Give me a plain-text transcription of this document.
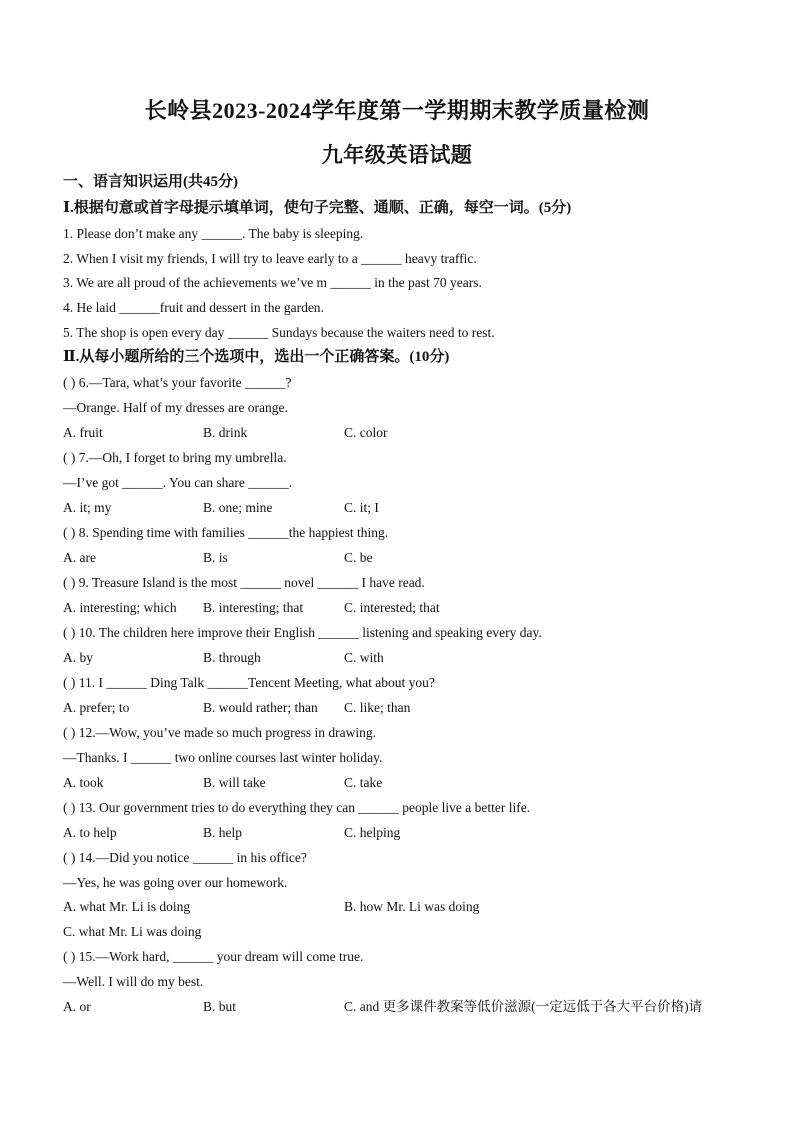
长岭县2023-2024学年度第一学期期末教学质量检测
九年级英语试题
一、语言知识运用(共45分)
Ⅰ.根据句意或首字母提示填单词，使句子完整、通顺、正确，每空一词。(5分)
1. Please don’t make any ______. The baby is sleeping.
2. When I visit my friends, I will try to leave early to a ______ heavy traffic.
3. We are all proud of the achievements we’ve m ______ in the past 70 years.
4. He laid ______fruit and dessert in the garden.
5. The shop is open every day ______ Sundays because the waiters need to rest.
Ⅱ.从每小题所给的三个选项中，选出一个正确答案。(10分)
( ) 6.—Tara, what’s your favorite ______?
—Orange. Half of my dresses are orange.
A. fruit	B. drink	C. color
( ) 7.—Oh, I forget to bring my umbrella.
—I’ve got ______. You can share ______.
A. it; my	B. one; mine	C. it; I
( ) 8. Spending time with families ______the happiest thing.
A. are	B. is	C. be
( ) 9. Treasure Island is the most ______ novel ______ I have read.
A. interesting; which B. interesting; that	C. interested; that
( ) 10. The children here improve their English ______ listening and speaking every day.
A. by	B. through	C. with
( ) 11. I ______ Ding Talk ______Tencent Meeting, what about you?
A. prefer; to	B. would rather; than C. like; than
( ) 12.—Wow, you’ve made so much progress in drawing.
—Thanks. I ______ two online courses last winter holiday.
A. took	B. will take	C. take
( ) 13. Our government tries to do everything they can ______ people live a better life.
A. to help	B. help	C. helping
( ) 14.—Did you notice ______ in his office?
—Yes, he was going over our homework.
A. what Mr. Li is doing	B. how Mr. Li was doing
C. what Mr. Li was doing
( ) 15.—Work hard, ______ your dream will come true.
—Well. I will do my best.
A. or	B. but	C. and 更多课件教案等低价滋源(一定远低于各大平台价格)请
